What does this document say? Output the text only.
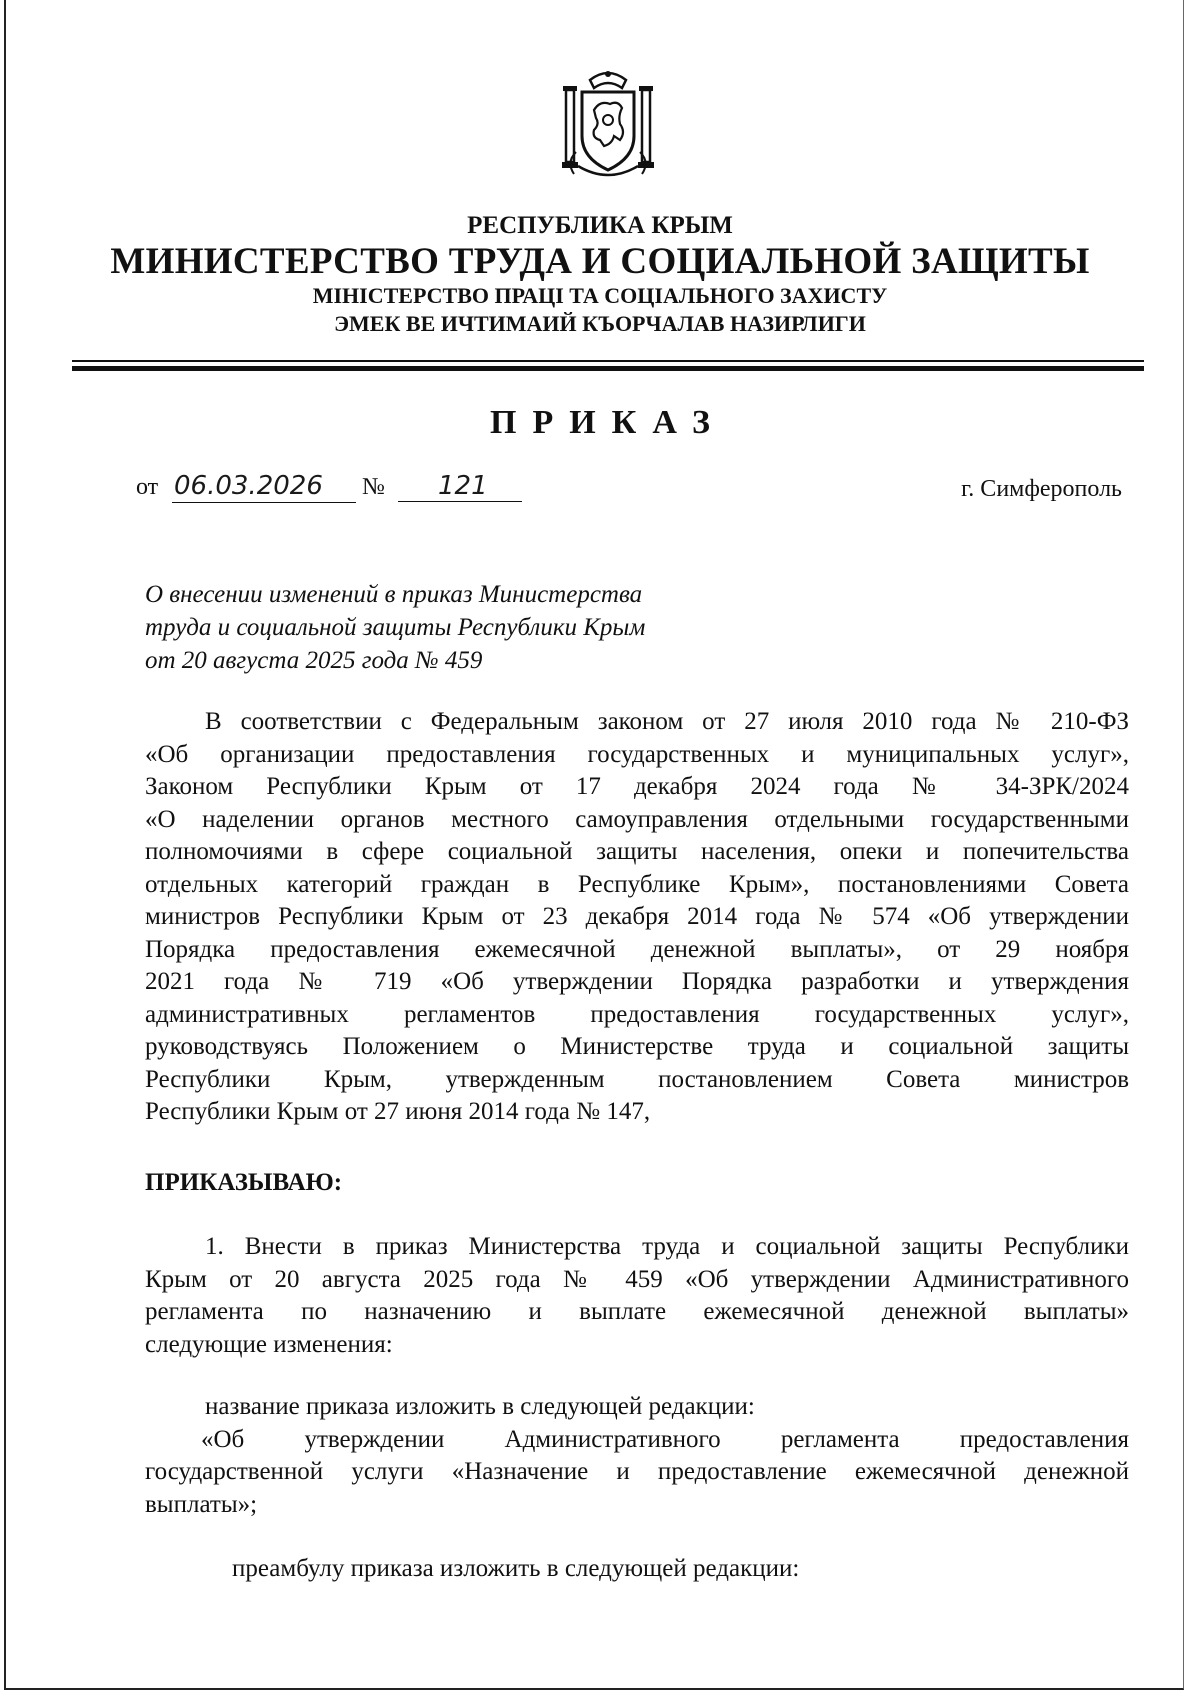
РЕСПУБЛИКА КРЫМ
МИНИСТЕРСТВО ТРУДА И СОЦИАЛЬНОЙ ЗАЩИТЫ
МІНІСТЕРСТВО ПРАЦІ ТА СОЦІАЛЬНОГО ЗАХИСТУ
ЭМЕК ВЕ ИЧТИМАИЙ КЪОРЧАЛАВ НАЗИРЛИГИ
ПРИКАЗ
от 06.03.2026	№	121	г. Симферополь
О внесении изменений в приказ Министерства
труда и социальной защиты Республики Крым
от 20 августа 2025 года № 459
В соответствии с Федеральным законом от 27 июля 2010 года № 210-ФЗ
«Об организации предоставления государственных и муниципальных услуг»,
Законом Республики Крым от 17 декабря 2024 года № 34-ЗРК/2024
«О наделении органов местного самоуправления отдельными государственными
полномочиями в сфере социальной защиты населения, опеки и попечительства
отдельных категорий граждан в Республике Крым», постановлениями Совета
министров Республики Крым от 23 декабря 2014 года № 574 «Об утверждении
Порядка предоставления ежемесячной денежной выплаты», от 29 ноября
2021 года № 719 «Об утверждении Порядка разработки и утверждения
административных регламентов предоставления государственных услуг»,
руководствуясь Положением о Министерстве труда и социальной защиты
Республики Крым, утвержденным постановлением Совета министров
Республики Крым от 27 июня 2014 года № 147,
ПРИКАЗЫВАЮ:
1. Внести в приказ Министерства труда и социальной защиты Республики
Крым от 20 августа 2025 года № 459 «Об утверждении Административного
регламента по назначению и выплате ежемесячной денежной выплаты»
следующие изменения:
название приказа изложить в следующей редакции:
«Об утверждении Административного регламента предоставления
государственной услуги «Назначение и предоставление ежемесячной денежной
выплаты»;
преамбулу приказа изложить в следующей редакции:
